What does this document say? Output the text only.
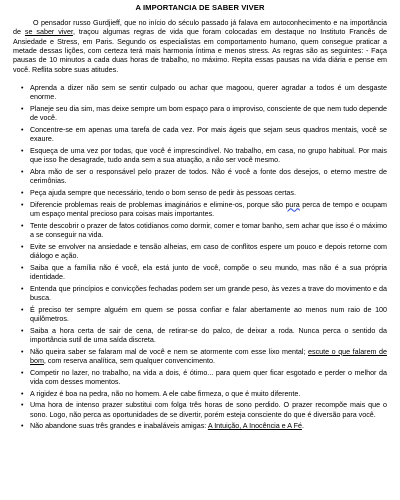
A IMPORTANCIA DE SABER VIVER

O pensador russo Gurdjieff, que no início do século passado já falava em autoconhecimento e na importância de se saber viver, traçou algumas regras de vida que foram colocadas em destaque no Instituto Francês de Ansiedade e Stress, em Paris. Segundo os especialistas em comportamento humano, quem consegue praticar a metade dessas lições, com certeza terá mais harmonia íntima e menos stress. As regras são as seguintes: - Faça pausas de 10 minutos a cada duas horas de trabalho, no máximo. Repita essas pausas na vida diária e pense em você. Reflita sobre suas atitudes.

• Aprenda a dizer não sem se sentir culpado ou achar que magoou, querer agradar a todos é um desgaste enorme.
• Planeje seu dia sim, mas deixe sempre um bom espaço para o improviso, consciente de que nem tudo depende de você.
• Concentre-se em apenas uma tarefa de cada vez. Por mais ágeis que sejam seus quadros mentais, você se exaure.
• Esqueça de uma vez por todas, que você é imprescindível. No trabalho, em casa, no grupo habitual. Por mais que isso lhe desagrade, tudo anda sem a sua atuação, a não ser você mesmo.
• Abra mão de ser o responsável pelo prazer de todos. Não é você a fonte dos desejos, o eterno mestre de cerimônias.
• Peça ajuda sempre que necessário, tendo o bom senso de pedir às pessoas certas.
• Diferencie problemas reais de problemas imaginários e elimine-os, porque são pura perca de tempo e ocupam um espaço mental precioso para coisas mais importantes.
• Tente descobrir o prazer de fatos cotidianos como dormir, comer e tomar banho, sem achar que isso é o máximo a se conseguir na vida.
• Evite se envolver na ansiedade e tensão alheias, em caso de conflitos espere um pouco e depois retorne com diálogo e ação.
• Saiba que a família não é você, ela está junto de você, compõe o seu mundo, mas não é a sua própria identidade.
• Entenda que princípios e convicções fechadas podem ser um grande peso, às vezes a trave do movimento e da busca.
• É preciso ter sempre alguém em quem se possa confiar e falar abertamente ao menos num raio de 100 quilômetros.
• Saiba a hora certa de sair de cena, de retirar-se do palco, de deixar a roda. Nunca perca o sentido da importância sutil de uma saída discreta.
• Não queira saber se falaram mal de você e nem se atormente com esse lixo mental; escute o que falarem de bom, com reserva analítica, sem qualquer convencimento.
• Competir no lazer, no trabalho, na vida a dois, é ótimo... para quem quer ficar esgotado e perder o melhor da vida com desses momentos.
• A rigidez é boa na pedra, não no homem. A ele cabe firmeza, o que é muito diferente.
• Uma hora de intenso prazer substitui com folga três horas de sono perdido. O prazer recompõe mais que o sono. Logo, não perca as oportunidades de se divertir, porém esteja consciente do que é diversão para você.
• Não abandone suas três grandes e inabaláveis amigas: A Intuição, A Inocência e A Fé.
